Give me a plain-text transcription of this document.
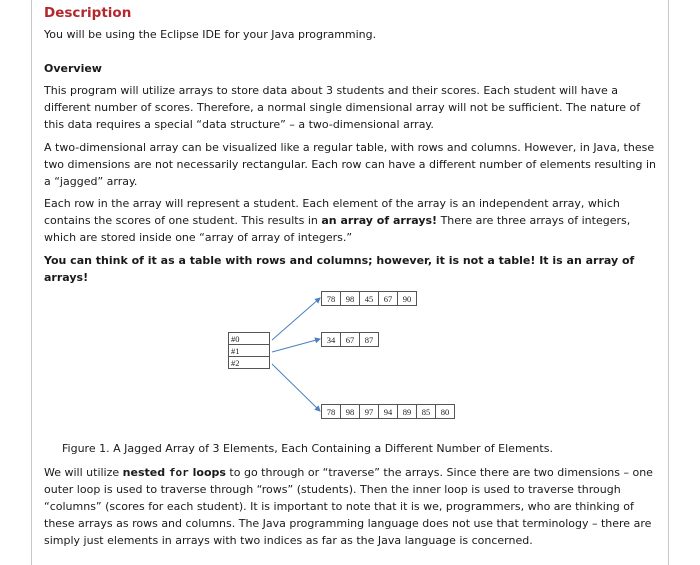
Description
You will be using the Eclipse IDE for your Java programming.
Overview
This program will utilize arrays to store data about 3 students and their scores. Each student will have a different number of scores. Therefore, a normal single dimensional array will not be sufficient. The nature of this data requires a special “data structure” – a two-dimensional array.
A two-dimensional array can be visualized like a regular table, with rows and columns. However, in Java, these two dimensions are not necessarily rectangular. Each row can have a different number of elements resulting in a “jagged” array.
Each row in the array will represent a student. Each element of the array is an independent array, which contains the scores of one student. This results in an array of arrays! There are three arrays of integers, which are stored inside one “array of array of integers.”
You can think of it as a table with rows and columns; however, it is not a table! It is an array of arrays!
We will utilize nested for loops to go through or “traverse” the arrays. Since there are two dimensions – one outer loop is used to traverse through “rows” (students). Then the inner loop is used to traverse through “columns” (scores for each student). It is important to note that it is we, programmers, who are thinking of these arrays as rows and columns. The Java programming language does not use that terminology – there are simply just elements in arrays with two indices as far as the Java language is concerned.
#0
#1
#2
78	98	45	67	90
34	67	87
78	98	97	94	89	85	80
Figure 1. A Jagged Array of 3 Elements, Each Containing a Different Number of Elements.
